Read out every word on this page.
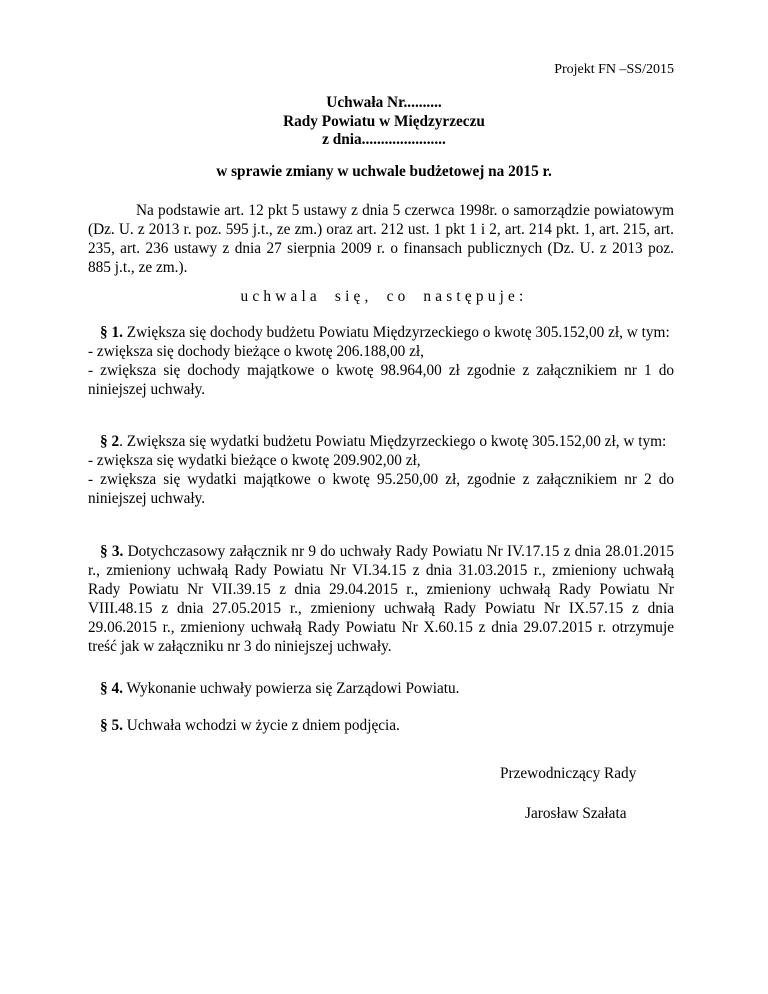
Projekt FN –SS/2015
Uchwała Nr..........
Rady Powiatu w Międzyrzeczu
z dnia......................
w sprawie zmiany w uchwale budżetowej na 2015 r.

Na podstawie art. 12 pkt 5 ustawy z dnia 5 czerwca 1998r. o samorządzie powiatowym (Dz. U. z 2013 r. poz. 595 j.t., ze zm.) oraz art. 212 ust. 1 pkt 1 i 2, art. 214 pkt. 1, art. 215, art. 235, art. 236 ustawy z dnia 27 sierpnia 2009 r. o finansach publicznych (Dz. U. z 2013 poz. 885 j.t., ze zm.).

uchwala się, co następuje:

§ 1. Zwiększa się dochody budżetu Powiatu Międzyrzeckiego o kwotę 305.152,00 zł, w tym:

- zwiększa się dochody bieżące o kwotę 206.188,00 zł,
- zwiększa się dochody majątkowe o kwotę 98.964,00 zł zgodnie z załącznikiem nr 1 do niniejszej uchwały.

§ 2. Zwiększa się wydatki budżetu Powiatu Międzyrzeckiego o kwotę 305.152,00 zł, w tym:

- zwiększa się wydatki bieżące o kwotę 209.902,00 zł,
- zwiększa się wydatki majątkowe o kwotę 95.250,00 zł, zgodnie z załącznikiem nr 2 do niniejszej uchwały.

§ 3. Dotychczasowy załącznik nr 9 do uchwały Rady Powiatu Nr IV.17.15 z dnia 28.01.2015 r., zmieniony uchwałą Rady Powiatu Nr VI.34.15 z dnia 31.03.2015 r., zmieniony uchwałą Rady Powiatu Nr VII.39.15 z dnia 29.04.2015 r., zmieniony uchwałą Rady Powiatu Nr VIII.48.15 z dnia 27.05.2015 r., zmieniony uchwałą Rady Powiatu Nr IX.57.15 z dnia 29.06.2015 r., zmieniony uchwałą Rady Powiatu Nr X.60.15 z dnia 29.07.2015 r. otrzymuje treść jak w załączniku nr 3 do niniejszej uchwały.

§ 4. Wykonanie uchwały powierza się Zarządowi Powiatu.

§ 5. Uchwała wchodzi w życie z dniem podjęcia.

Przewodniczący Rady
Jarosław Szałata
